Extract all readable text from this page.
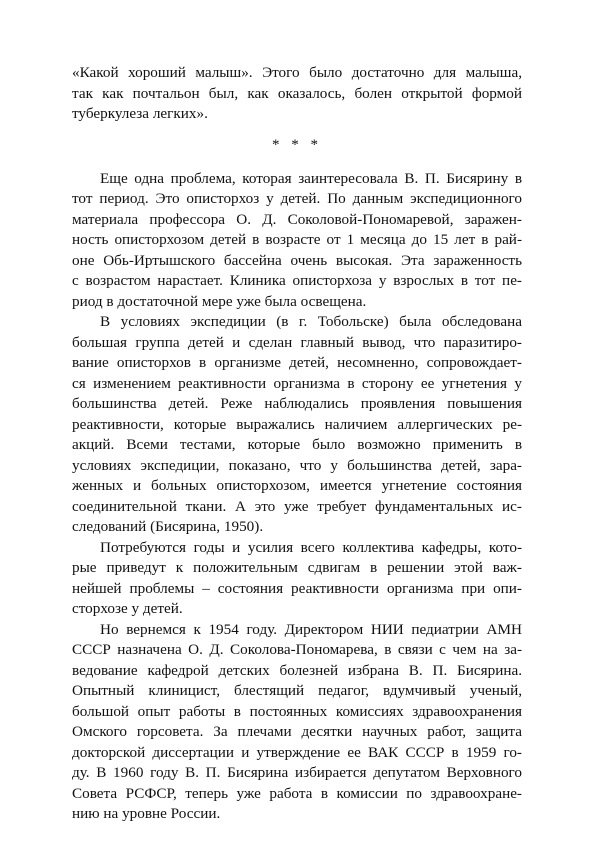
«Какой хороший малыш». Этого было достаточно для малыша,
так как почтальон был, как оказалось, болен открытой формой
туберкулеза легких».
* * *
Еще одна проблема, которая заинтересовала В. П. Бисярину в
тот период. Это описторхоз у детей. По данным экспедиционного
материала профессора О. Д. Соколовой-Пономаревой, заражен-
ность описторхозом детей в возрасте от 1 месяца до 15 лет в рай-
оне Обь-Иртышского бассейна очень высокая. Эта зараженность
с возрастом нарастает. Клиника описторхоза у взрослых в тот пе-
риод в достаточной мере уже была освещена.
В условиях экспедиции (в г. Тобольске) была обследована
большая группа детей и сделан главный вывод, что паразитиро-
вание описторхов в организме детей, несомненно, сопровождает-
ся изменением реактивности организма в сторону ее угнетения у
большинства детей. Реже наблюдались проявления повышения
реактивности, которые выражались наличием аллергических ре-
акций. Всеми тестами, которые было возможно применить в
условиях экспедиции, показано, что у большинства детей, зара-
женных и больных описторхозом, имеется угнетение состояния
соединительной ткани. А это уже требует фундаментальных ис-
следований (Бисярина, 1950).
Потребуются годы и усилия всего коллектива кафедры, кото-
рые приведут к положительным сдвигам в решении этой важ-
нейшей проблемы – состояния реактивности организма при опи-
сторхозе у детей.
Но вернемся к 1954 году. Директором НИИ педиатрии АМН
СССР назначена О. Д. Соколова-Пономарева, в связи с чем на за-
ведование кафедрой детских болезней избрана В. П. Бисярина.
Опытный клиницист, блестящий педагог, вдумчивый ученый,
большой опыт работы в постоянных комиссиях здравоохранения
Омского горсовета. За плечами десятки научных работ, защита
докторской диссертации и утверждение ее ВАК СССР в 1959 го-
ду. В 1960 году В. П. Бисярина избирается депутатом Верховного
Совета РСФСР, теперь уже работа в комиссии по здравоохране-
нию на уровне России.
